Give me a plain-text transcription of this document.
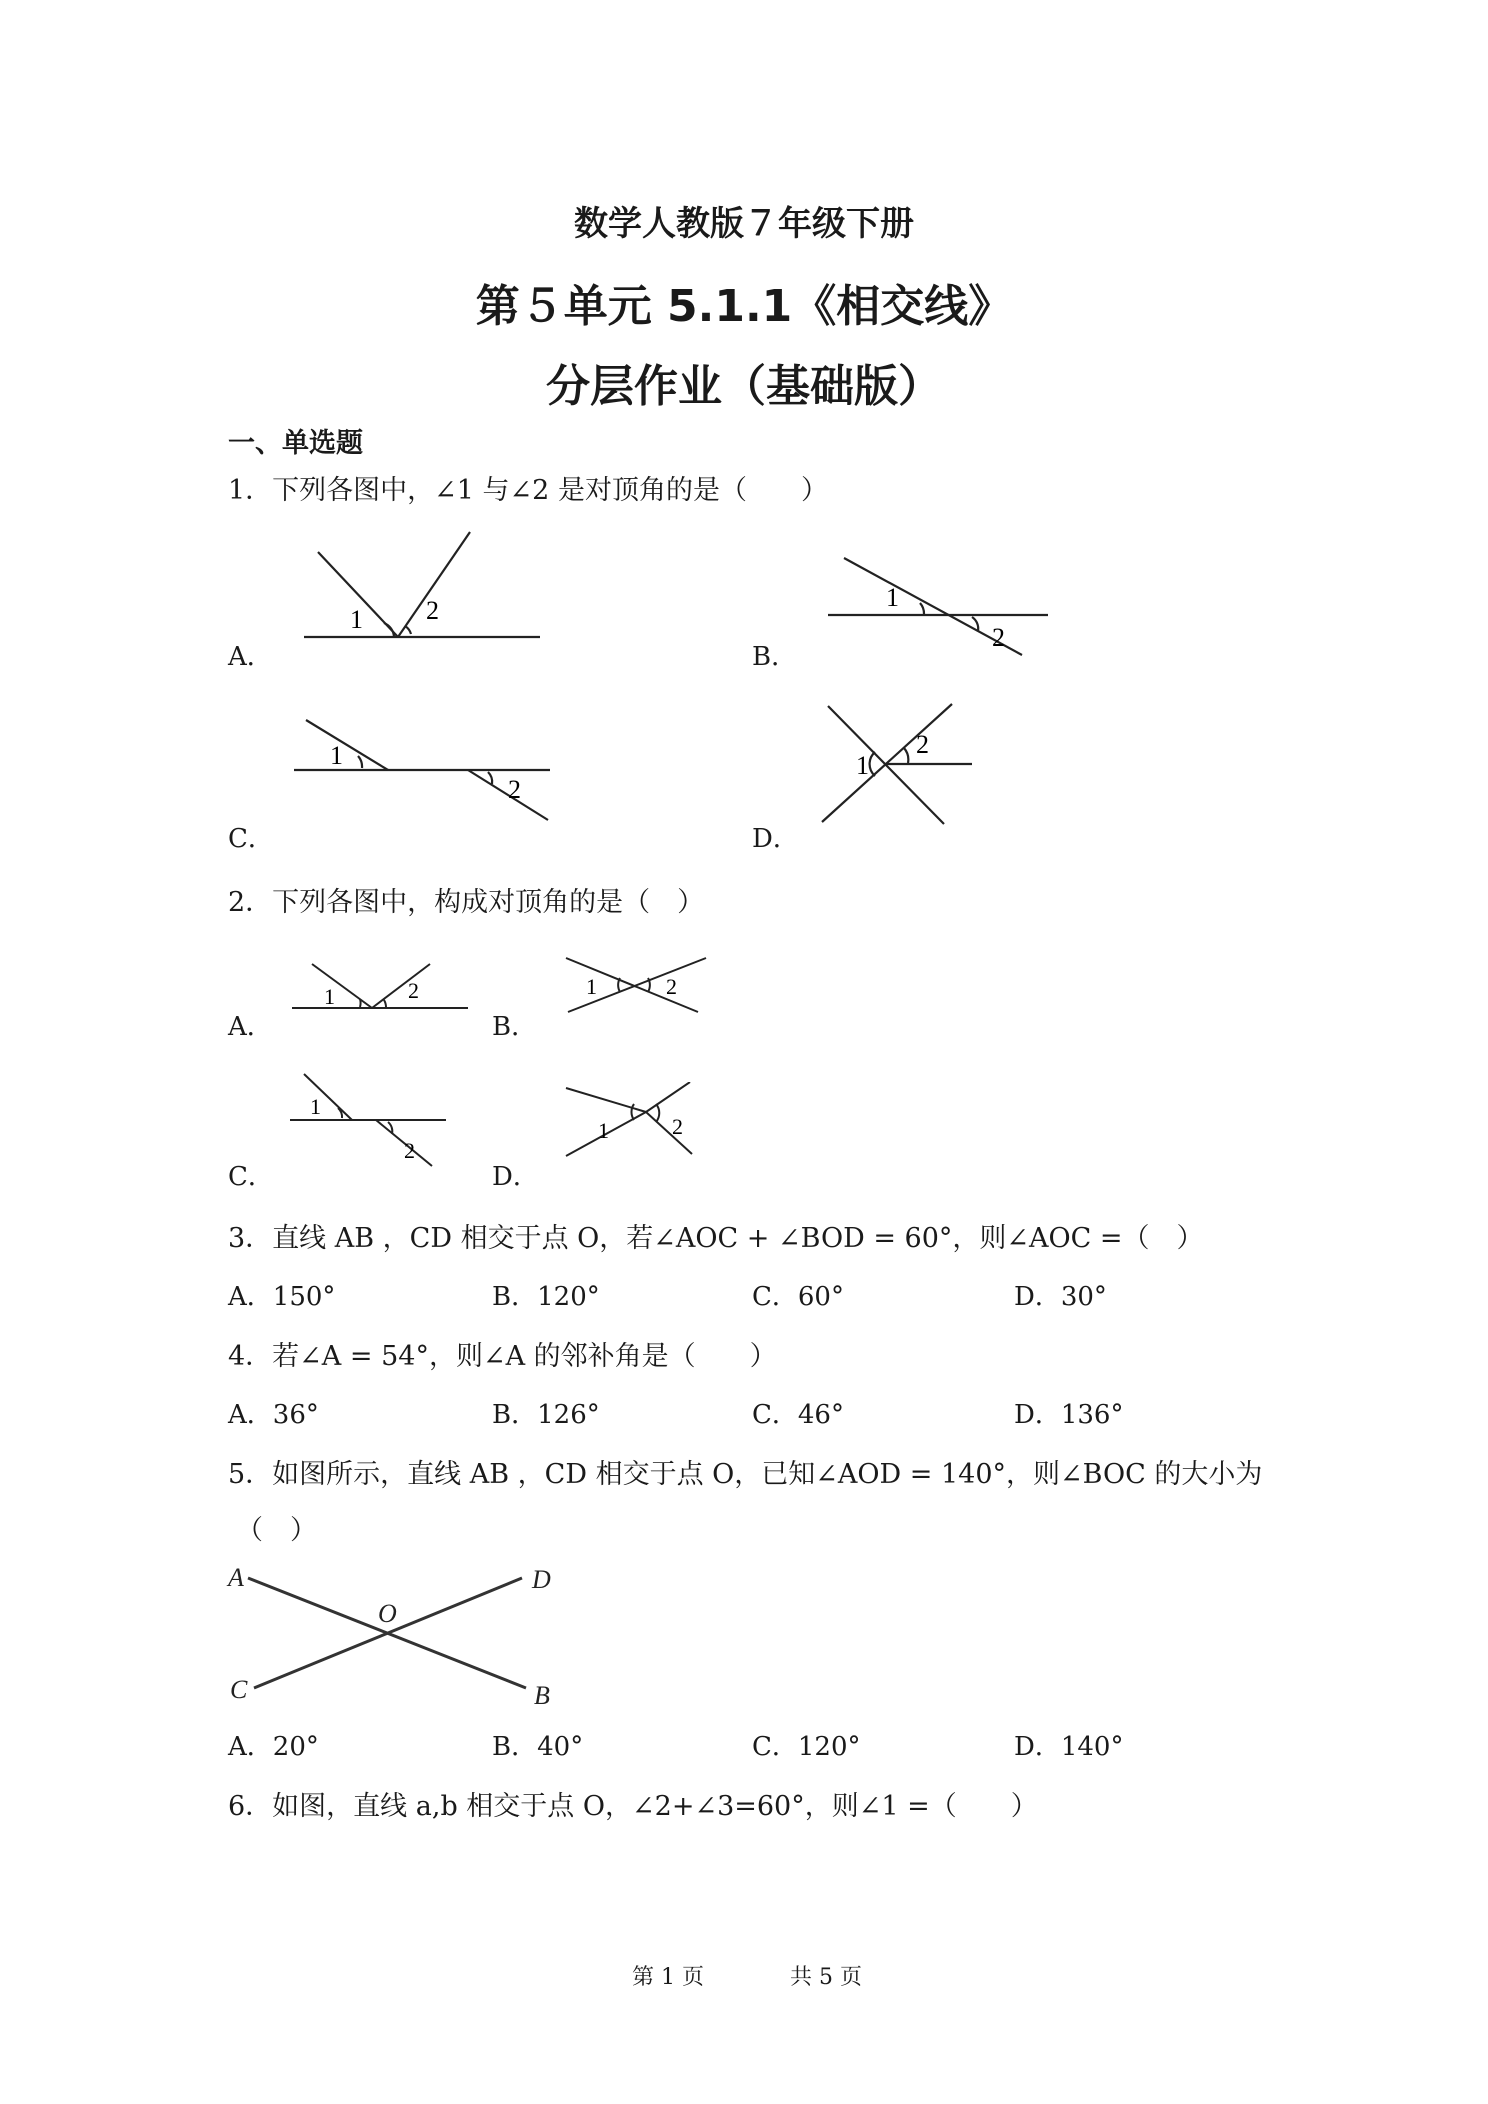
数学人教版７年级下册
第５单元 5.1.1《相交线》
分层作业（基础版）
一、单选题
1．下列各图中，∠1 与∠2 是对顶角的是（　　）
A．	B．
C．	D．
1 2	1
2
1
2
1
2
2．下列各图中，构成对顶角的是（　）
A．	B．
C．	D．
1	2	1	2
1
2
1	2
3．直线 AB ，CD 相交于点 O，若∠AOC + ∠BOD = 60°，则∠AOC =（　）
A．150°	B．120°	C．60°	D．30°
4．若∠A = 54°，则∠A 的邻补角是（　　）
A．36°	B．126°	C．46°	D．136°
5．如图所示，直线 AB ，CD 相交于点 O，已知∠AOD = 140°，则∠BOC 的大小为
（　）
A	D
O
C	B
A．20°	B．40°	C．120°	D．140°
6．如图，直线 a,b 相交于点 O，∠2+∠3=60°，则∠1 =（　　）
第 1 页	共 5 页
